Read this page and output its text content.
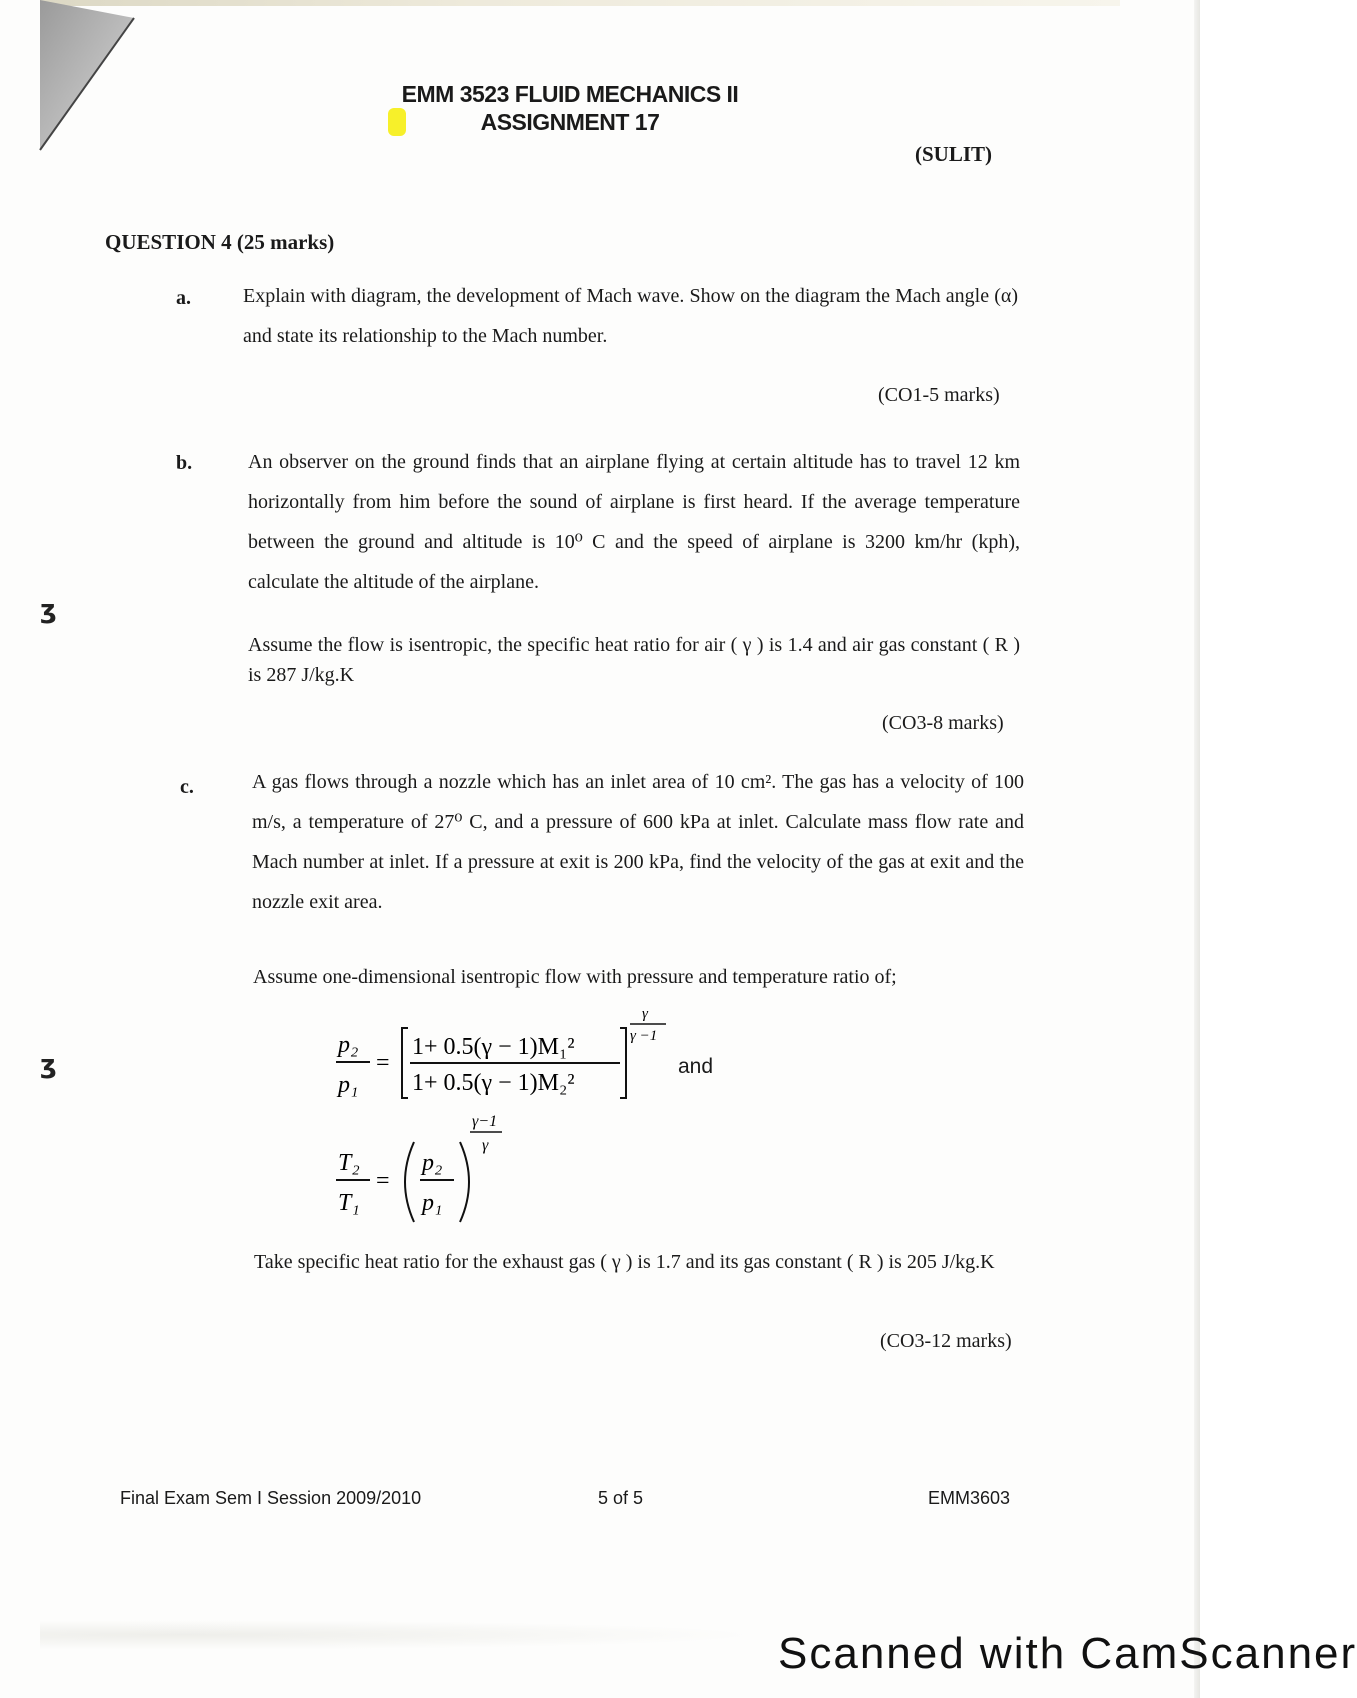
EMM 3523 FLUID MECHANICS II
ASSIGNMENT 17
(SULIT)
QUESTION 4 (25 marks)
a.	Explain with diagram, the development of Mach wave. Show on the diagram the Mach angle (α) and state its relationship to the Mach number.
(CO1-5 marks)
b.	An observer on the ground finds that an airplane flying at certain altitude has to travel 12 km horizontally from him before the sound of airplane is first heard. If the average temperature between the ground and altitude is 10⁰ C and the speed of airplane is 3200 km/hr (kph), calculate the altitude of the airplane.
ʒ
Assume the flow is isentropic, the specific heat ratio for air ( γ ) is 1.4 and air gas constant ( R ) is 287 J/kg.K
(CO3-8 marks)
c.	A gas flows through a nozzle which has an inlet area of 10 cm². The gas has a velocity of 100 m/s, a temperature of 27⁰ C, and a pressure of 600 kPa at inlet. Calculate mass flow rate and Mach number at inlet. If a pressure at exit is 200 kPa, find the velocity of the gas at exit and the nozzle exit area.
Assume one-dimensional isentropic flow with pressure and temperature ratio of;
ʒ
p₂
p₁
=
1+ 0.5(γ − 1)M₁²
1+ 0.5(γ − 1)M₂²
γ
γ −1
T₂
T₁
=
p₂
p₁
γ−1
γ
and
Take specific heat ratio for the exhaust gas ( γ ) is 1.7 and its gas constant ( R ) is 205 J/kg.K
(CO3-12 marks)
Final Exam Sem I Session 2009/2010	5 of 5	EMM3603
Scanned with CamScanner
